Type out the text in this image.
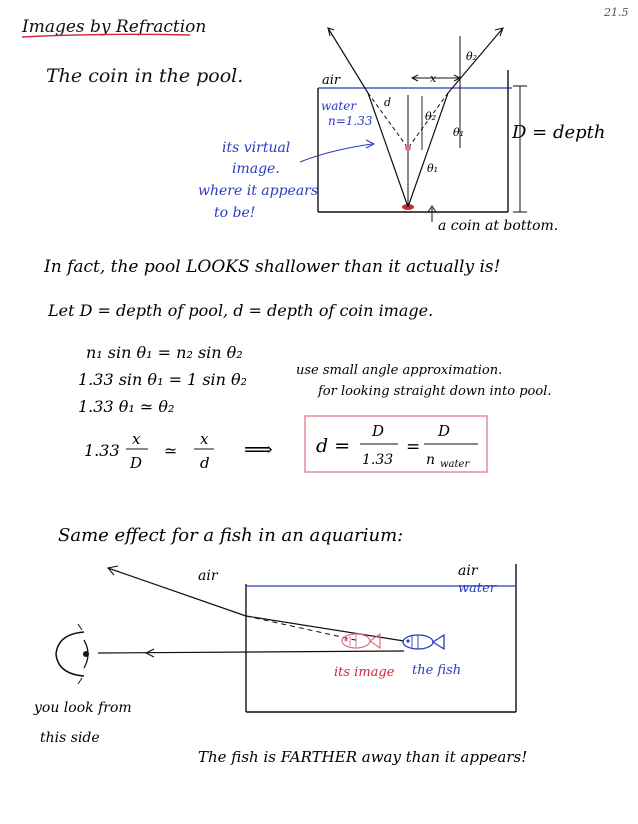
21.5
Images by Refraction
The coin in the pool.	air
water
n=1.33
x
θ₂
d
θ₂
θ₁
θ₁
D = depth
a coin at bottom.
its virtual
image.
where it appears
to be!
In fact, the pool LOOKS shallower than it actually is!
Let D = depth of pool, d = depth of coin image.
n₁ sin θ₁ = n₂ sin θ₂
1.33 sin θ₁ = 1 sin θ₂
1.33 θ₁ ≃ θ₂
1.33
x
D
≃
x
d
⟹
use small angle approximation.
for looking straight down into pool.
d =
D
1.33
=
D
n water
Same effect for a fish in an aquarium:
air	air
water
its image the fish
you look from
this side
The fish is FARTHER away than it appears!
